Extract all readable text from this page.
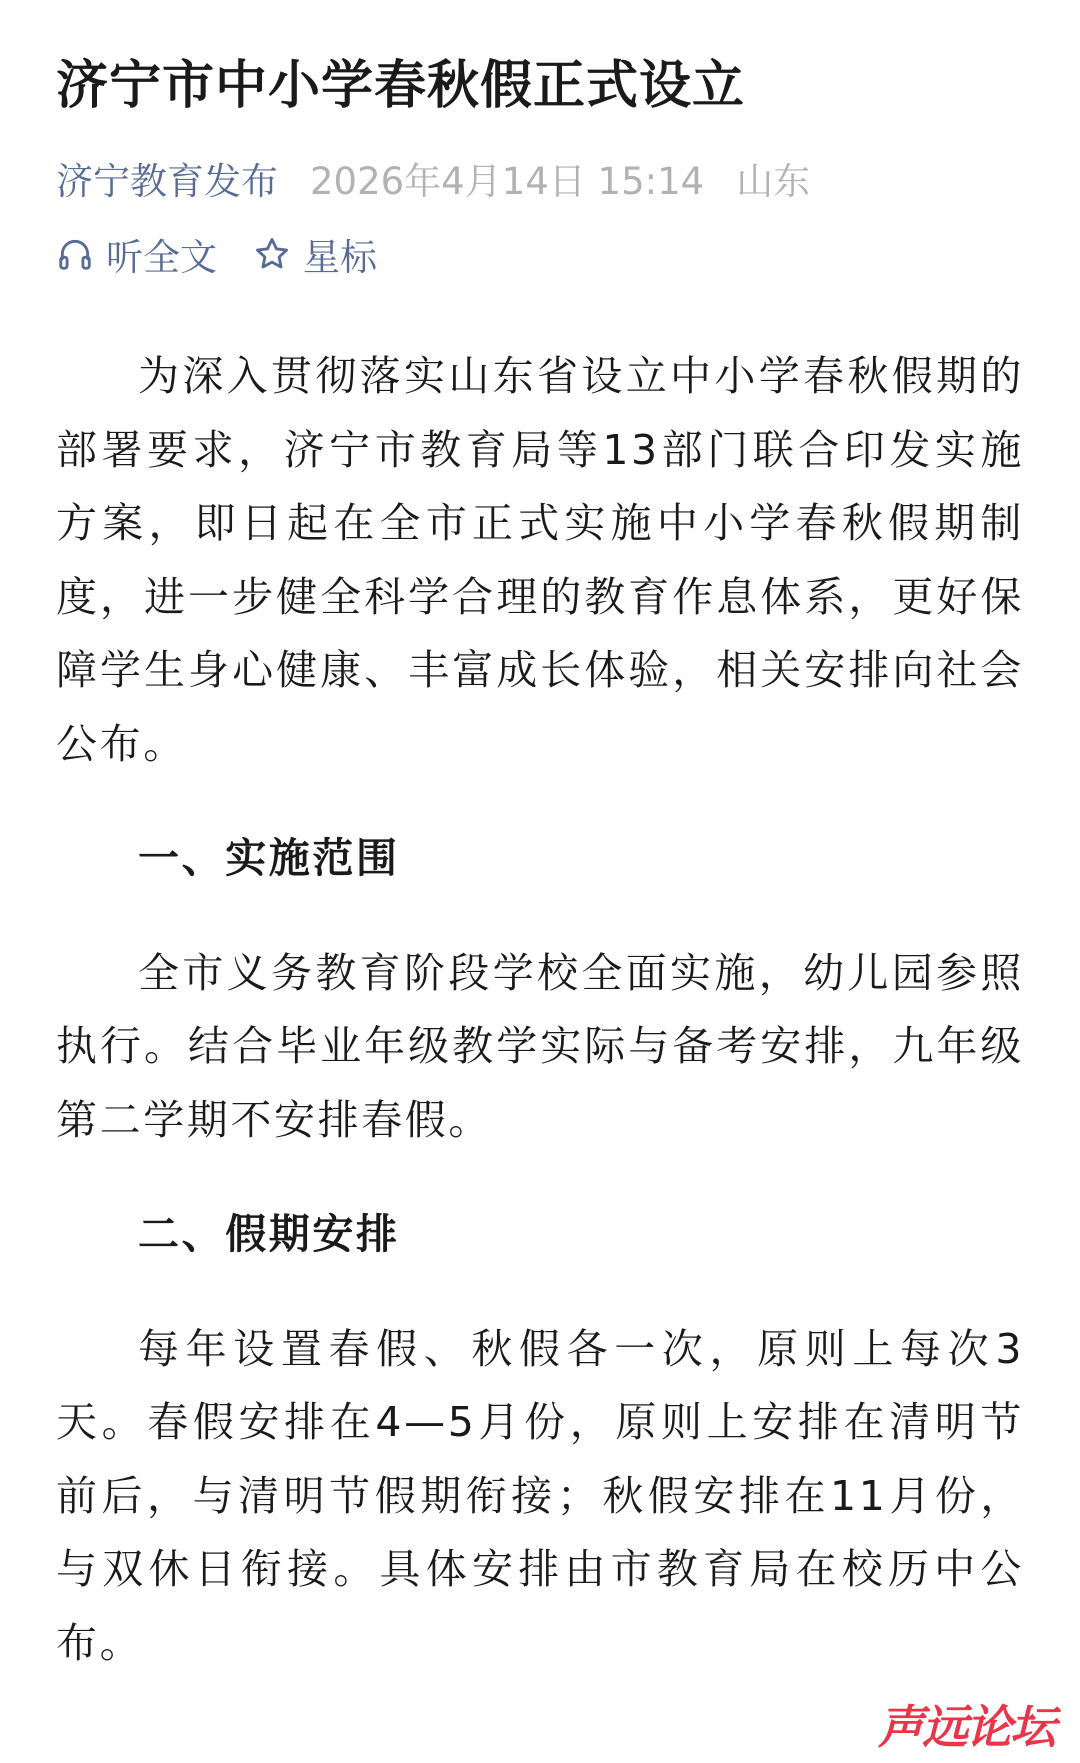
济宁市中小学春秋假正式设立
济宁教育发布 2026年4月14日 15:14 山东
听全文 星标

为深入贯彻落实山东省设立中小学春秋假期的部署要求，济宁市教育局等13部门联合印发实施方案，即日起在全市正式实施中小学春秋假期制度，进一步健全科学合理的教育作息体系，更好保障学生身心健康、丰富成长体验，相关安排向社会公布。

一、实施范围

全市义务教育阶段学校全面实施，幼儿园参照执行。结合毕业年级教学实际与备考安排，九年级第二学期不安排春假。

二、假期安排

每年设置春假、秋假各一次，原则上每次3天。春假安排在4—5月份，原则上安排在清明节前后，与清明节假期衔接；秋假安排在11月份，与双休日衔接。具体安排由市教育局在校历中公布。

声远论坛
